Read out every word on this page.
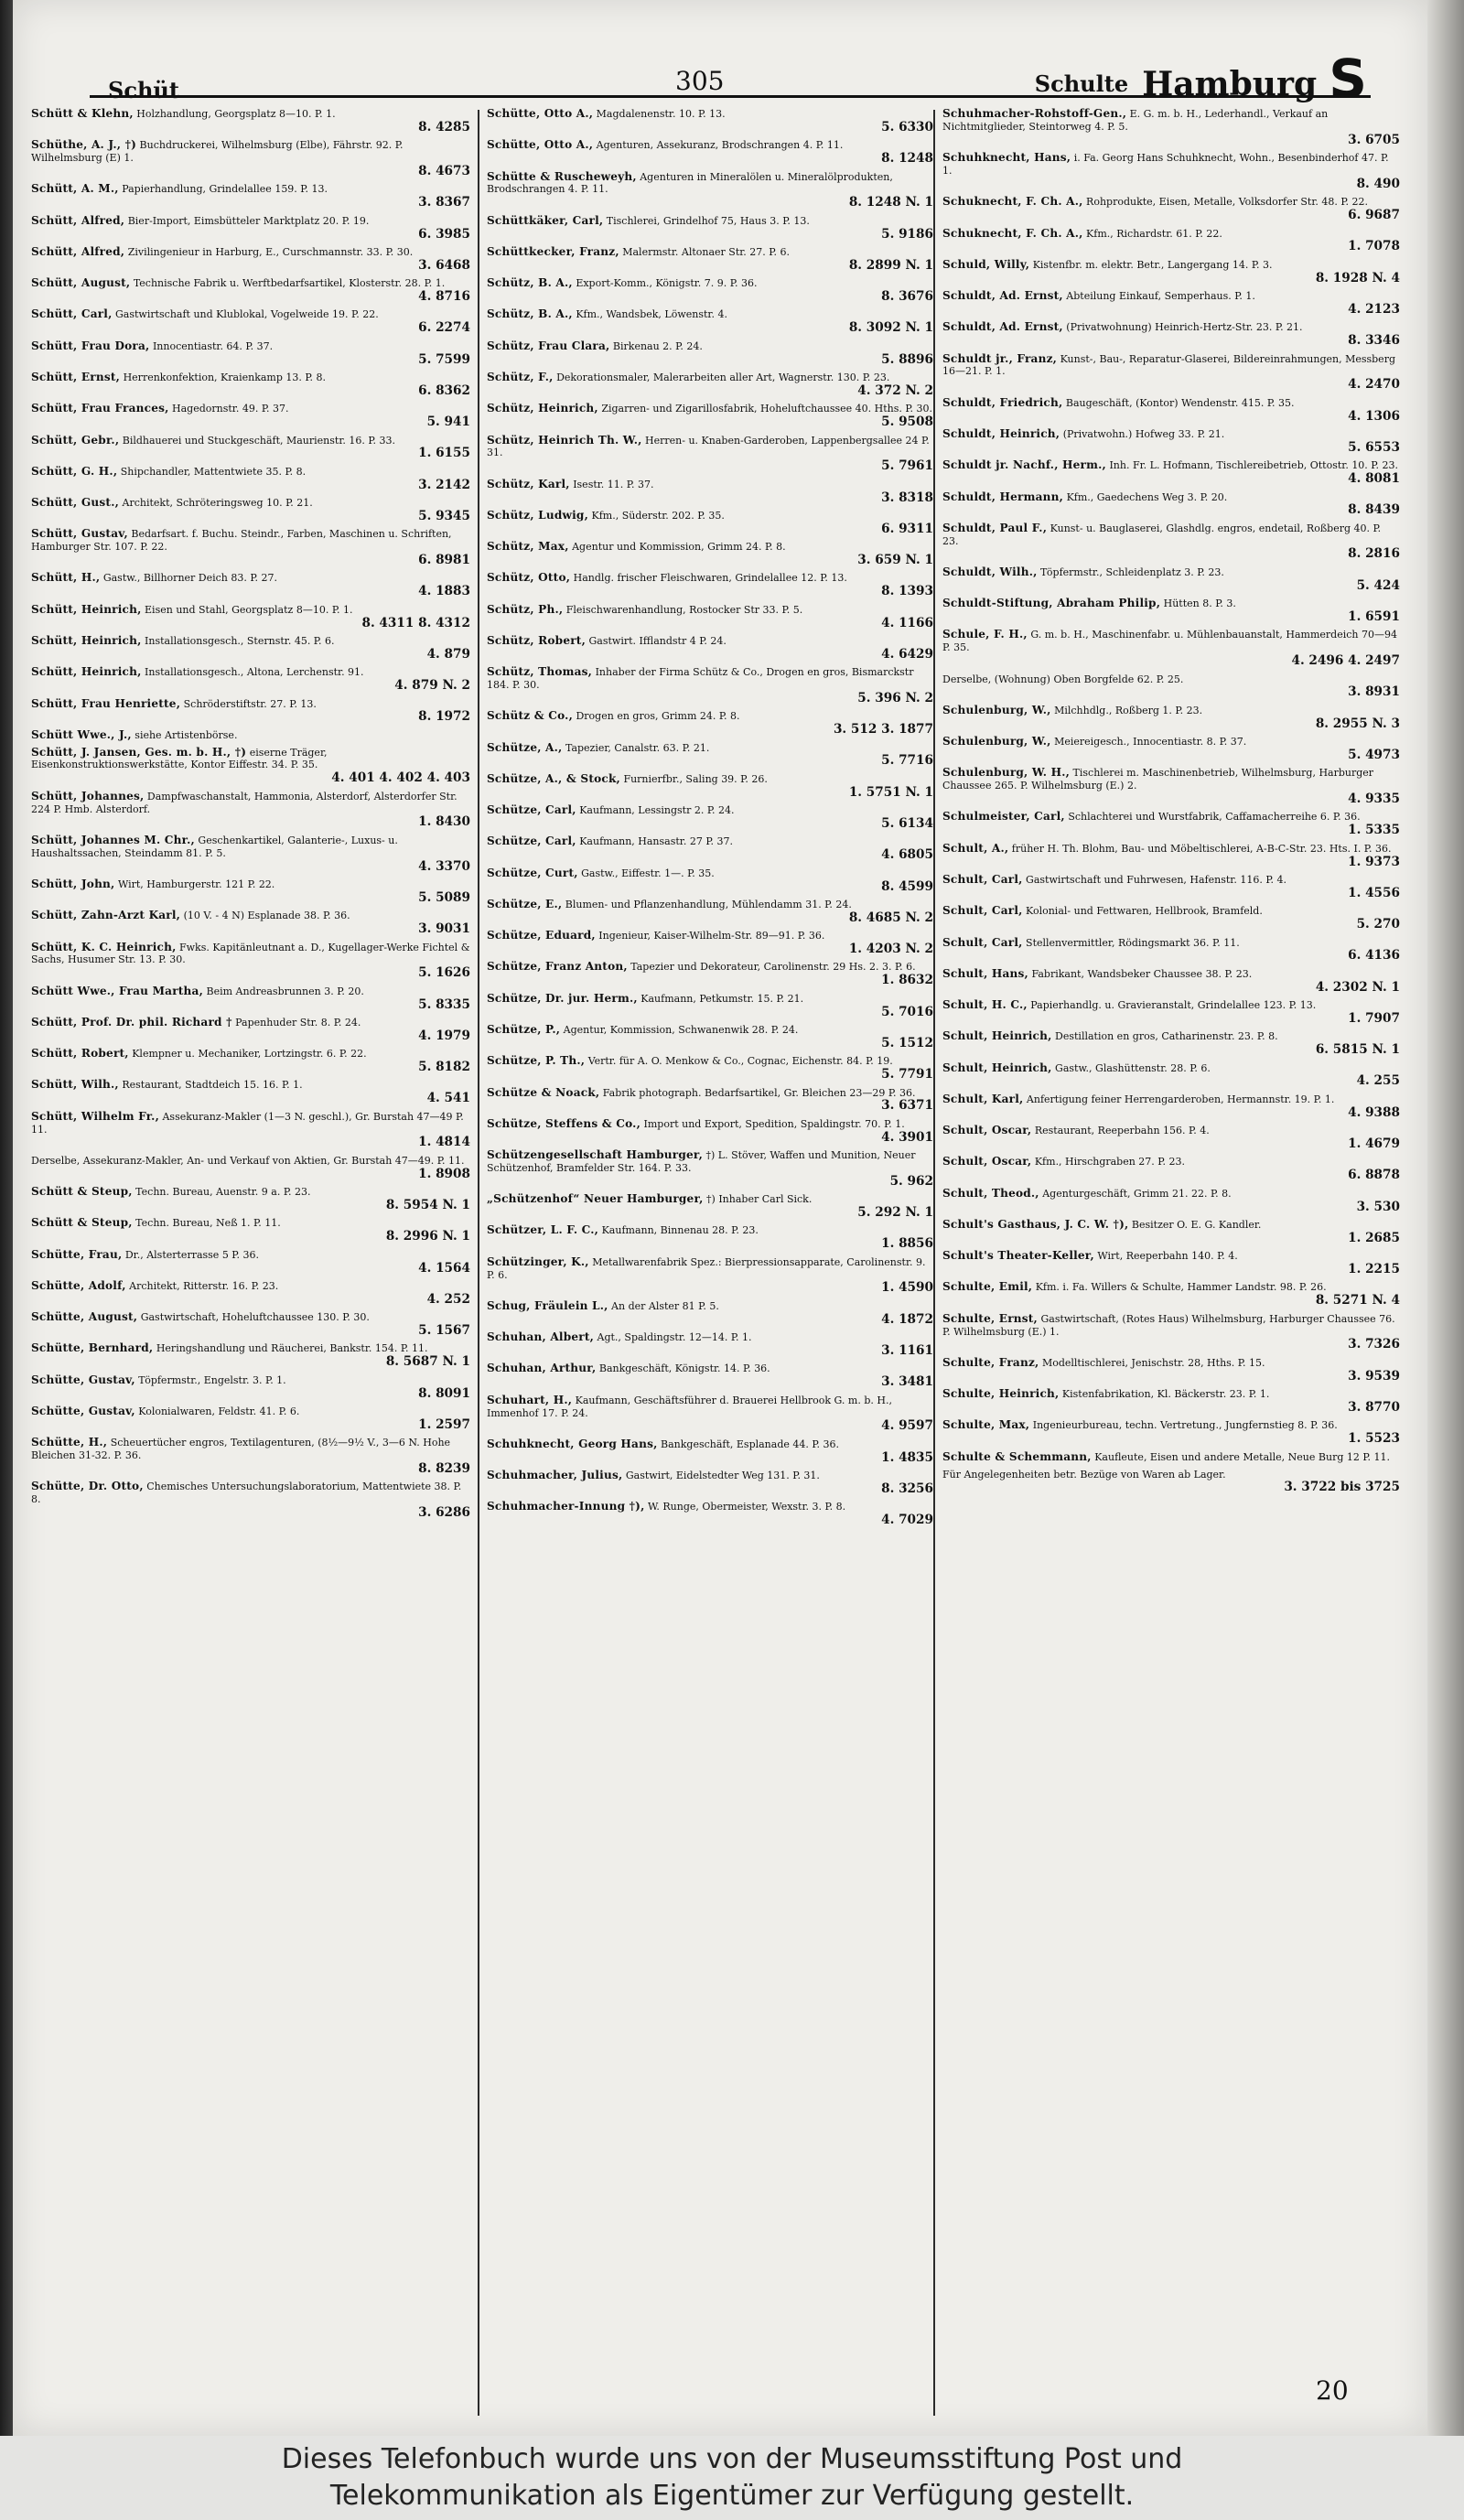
Schüt	305	Schulte Hamburg S
Schütt & Klehn, Holzhandlung, Georgsplatz 8—10. P. 1.
8. 4285
Schüthe, A. J., †) Buchdruckerei, Wilhelmsburg (Elbe), Fährstr. 92. P. Wilhelmsburg (E) 1.
8. 4673
Schütt, A. M., Papierhandlung, Grindelallee 159. P. 13.
3. 8367
Schütt, Alfred, Bier-Import, Eimsbütteler Marktplatz 20. P. 19.
6. 3985
Schütt, Alfred, Zivilingenieur in Harburg, E., Curschmannstr. 33. P. 30.
3. 6468
Schütt, August, Technische Fabrik u. Werftbedarfsartikel, Klosterstr. 28. P. 1.
4. 8716
Schütt, Carl, Gastwirtschaft und Klublokal, Vogelweide 19. P. 22.
6. 2274
Schütt, Frau Dora, Innocentiastr. 64. P. 37.
5. 7599
Schütt, Ernst, Herrenkonfektion, Kraienkamp 13. P. 8.
6. 8362
Schütt, Frau Frances, Hagedornstr. 49. P. 37.
5. 941
Schütt, Gebr., Bildhauerei und Stuckgeschäft, Maurienstr. 16. P. 33.
1. 6155
Schütt, G. H., Shipchandler, Mattentwiete 35. P. 8.
3. 2142
Schütt, Gust., Architekt, Schröteringsweg 10. P. 21.
5. 9345
Schütt, Gustav, Bedarfsart. f. Buchu. Steindr., Farben, Maschinen u. Schriften, Hamburger Str. 107. P. 22.
6. 8981
Schütt, H., Gastw., Billhorner Deich 83. P. 27.
4. 1883
Schütt, Heinrich, Eisen und Stahl, Georgsplatz 8—10. P. 1.
8. 4311 8. 4312
Schütt, Heinrich, Installationsgesch., Sternstr. 45. P. 6.
4. 879
Schütt, Heinrich, Installationsgesch., Altona, Lerchenstr. 91.
4. 879 N. 2
Schütt, Frau Henriette, Schröderstiftstr. 27. P. 13.
8. 1972
Schütt Wwe., J., siehe Artistenbörse.
Schütt, J. Jansen, Ges. m. b. H., †) eiserne Träger, Eisenkonstruktionswerkstätte, Kontor Eiffestr. 34. P. 35.
4. 401 4. 402 4. 403
Schütt, Johannes, Dampfwaschanstalt, Hammonia, Alsterdorf, Alsterdorfer Str. 224 P. Hmb. Alsterdorf.
1. 8430
Schütt, Johannes M. Chr., Geschenkartikel, Galanterie-, Luxus- u. Haushaltssachen, Steindamm 81. P. 5.
4. 3370
Schütt, John, Wirt, Hamburgerstr. 121 P. 22.
5. 5089
Schütt, Zahn-Arzt Karl, (10 V. - 4 N) Esplanade 38. P. 36.
3. 9031
Schütt, K. C. Heinrich, Fwks. Kapitänleutnant a. D., Kugellager-Werke Fichtel & Sachs, Husumer Str. 13. P. 30.
5. 1626
Schütt Wwe., Frau Martha, Beim Andreasbrunnen 3. P. 20.
5. 8335
Schütt, Prof. Dr. phil. Richard † Papenhuder Str. 8. P. 24.
4. 1979
Schütt, Robert, Klempner u. Mechaniker, Lortzingstr. 6. P. 22.
5. 8182
Schütt, Wilh., Restaurant, Stadtdeich 15. 16. P. 1.
4. 541
Schütt, Wilhelm Fr., Assekuranz-Makler (1—3 N. geschl.), Gr. Burstah 47—49 P. 11.
1. 4814
Derselbe, Assekuranz-Makler, An- und Verkauf von Aktien, Gr. Burstah 47—49. P. 11.
1. 8908
Schütt & Steup, Techn. Bureau, Auenstr. 9 a. P. 23.
8. 5954 N. 1
Schütt & Steup, Techn. Bureau, Neß 1. P. 11.
8. 2996 N. 1
Schütte, Frau, Dr., Alsterterrasse 5 P. 36.
4. 1564
Schütte, Adolf, Architekt, Ritterstr. 16. P. 23.
4. 252
Schütte, August, Gastwirtschaft, Hoheluftchaussee 130. P. 30.
5. 1567
Schütte, Bernhard, Heringshandlung und Räucherei, Bankstr. 154. P. 11.
8. 5687 N. 1
Schütte, Gustav, Töpfermstr., Engelstr. 3. P. 1.
8. 8091
Schütte, Gustav, Kolonialwaren, Feldstr. 41. P. 6.
1. 2597
Schütte, H., Scheuertücher engros, Textilagenturen, (8½—9½ V., 3—6 N. Hohe Bleichen 31-32. P. 36.
8. 8239
Schütte, Dr. Otto, Chemisches Untersuchungslaboratorium, Mattentwiete 38. P. 8.
3. 6286
Schütte, Otto A., Magdalenenstr. 10. P. 13.
5. 6330
Schütte, Otto A., Agenturen, Assekuranz, Brodschrangen 4. P. 11.
8. 1248
Schütte & Ruscheweyh, Agenturen in Mineralölen u. Mineralölprodukten, Brodschrangen 4. P. 11.
8. 1248 N. 1
Schüttkäker, Carl, Tischlerei, Grindelhof 75, Haus 3. P. 13.
5. 9186
Schüttkecker, Franz, Malermstr. Altonaer Str. 27. P. 6.
8. 2899 N. 1
Schütz, B. A., Export-Komm., Königstr. 7. 9. P. 36.
8. 3676
Schütz, B. A., Kfm., Wandsbek, Löwenstr. 4.
8. 3092 N. 1
Schütz, Frau Clara, Birkenau 2. P. 24.
5. 8896
Schütz, F., Dekorationsmaler, Malerarbeiten aller Art, Wagnerstr. 130. P. 23.
4. 372 N. 2
Schütz, Heinrich, Zigarren- und Zigarillosfabrik, Hoheluftchaussee 40. Hths. P. 30.
5. 9508
Schütz, Heinrich Th. W., Herren- u. Knaben-Garderoben, Lappenbergsallee 24 P. 31.
5. 7961
Schütz, Karl, Isestr. 11. P. 37.
3. 8318
Schütz, Ludwig, Kfm., Süderstr. 202. P. 35.
6. 9311
Schütz, Max, Agentur und Kommission, Grimm 24. P. 8.
3. 659 N. 1
Schütz, Otto, Handlg. frischer Fleischwaren, Grindelallee 12. P. 13.
8. 1393
Schütz, Ph., Fleischwarenhandlung, Rostocker Str 33. P. 5.
4. 1166
Schütz, Robert, Gastwirt. Ifflandstr 4 P. 24.
4. 6429
Schütz, Thomas, Inhaber der Firma Schütz & Co., Drogen en gros, Bismarckstr 184. P. 30.
5. 396 N. 2
Schütz & Co., Drogen en gros, Grimm 24. P. 8.
3. 512 3. 1877
Schütze, A., Tapezier, Canalstr. 63. P. 21.
5. 7716
Schütze, A., & Stock, Furnierfbr., Saling 39. P. 26.
1. 5751 N. 1
Schütze, Carl, Kaufmann, Lessingstr 2. P. 24.
5. 6134
Schütze, Carl, Kaufmann, Hansastr. 27 P. 37.
4. 6805
Schütze, Curt, Gastw., Eiffestr. 1—. P. 35.
8. 4599
Schütze, E., Blumen- und Pflanzenhandlung, Mühlendamm 31. P. 24.
8. 4685 N. 2
Schütze, Eduard, Ingenieur, Kaiser-Wilhelm-Str. 89—91. P. 36.
1. 4203 N. 2
Schütze, Franz Anton, Tapezier und Dekorateur, Carolinenstr. 29 Hs. 2. 3. P. 6.
1. 8632
Schütze, Dr. jur. Herm., Kaufmann, Petkumstr. 15. P. 21.
5. 7016
Schütze, P., Agentur, Kommission, Schwanenwik 28. P. 24.
5. 1512
Schütze, P. Th., Vertr. für A. O. Menkow & Co., Cognac, Eichenstr. 84. P. 19.
5. 7791
Schütze & Noack, Fabrik photograph. Bedarfsartikel, Gr. Bleichen 23—29 P. 36.
3. 6371
Schütze, Steffens & Co., Import und Export, Spedition, Spaldingstr. 70. P. 1.
4. 3901
Schützengesellschaft Hamburger, †) L. Stöver, Waffen und Munition, Neuer Schützenhof, Bramfelder Str. 164. P. 33.
5. 962
„Schützenhof“ Neuer Hamburger, †) Inhaber Carl Sick.
5. 292 N. 1
Schützer, L. F. C., Kaufmann, Binnenau 28. P. 23.
1. 8856
Schützinger, K., Metallwarenfabrik Spez.: Bierpressionsapparate, Carolinenstr. 9. P. 6.
1. 4590
Schug, Fräulein L., An der Alster 81 P. 5.
4. 1872
Schuhan, Albert, Agt., Spaldingstr. 12—14. P. 1.
3. 1161
Schuhan, Arthur, Bankgeschäft, Königstr. 14. P. 36.
3. 3481
Schuhart, H., Kaufmann, Geschäftsführer d. Brauerei Hellbrook G. m. b. H., Immenhof 17. P. 24.
4. 9597
Schuhknecht, Georg Hans, Bankgeschäft, Esplanade 44. P. 36.
1. 4835
Schuhmacher, Julius, Gastwirt, Eidelstedter Weg 131. P. 31.
8. 3256
Schuhmacher-Innung †), W. Runge, Obermeister, Wexstr. 3. P. 8.
4. 7029
Schuhmacher-Rohstoff-Gen., E. G. m. b. H., Lederhandl., Verkauf an Nichtmitglieder, Steintorweg 4. P. 5.
3. 6705
Schuhknecht, Hans, i. Fa. Georg Hans Schuhknecht, Wohn., Besenbinderhof 47. P. 1.
8. 490
Schuknecht, F. Ch. A., Rohprodukte, Eisen, Metalle, Volksdorfer Str. 48. P. 22.
6. 9687
Schuknecht, F. Ch. A., Kfm., Richardstr. 61. P. 22.
1. 7078
Schuld, Willy, Kistenfbr. m. elektr. Betr., Langergang 14. P. 3.
8. 1928 N. 4
Schuldt, Ad. Ernst, Abteilung Einkauf, Semperhaus. P. 1.
4. 2123
Schuldt, Ad. Ernst, (Privatwohnung) Heinrich-Hertz-Str. 23. P. 21.
8. 3346
Schuldt jr., Franz, Kunst-, Bau-, Reparatur-Glaserei, Bildereinrahmungen, Messberg 16—21. P. 1.
4. 2470
Schuldt, Friedrich, Baugeschäft, (Kontor) Wendenstr. 415. P. 35.
4. 1306
Schuldt, Heinrich, (Privatwohn.) Hofweg 33. P. 21.
5. 6553
Schuldt jr. Nachf., Herm., Inh. Fr. L. Hofmann, Tischlereibetrieb, Ottostr. 10. P. 23.
4. 8081
Schuldt, Hermann, Kfm., Gaedechens Weg 3. P. 20.
8. 8439
Schuldt, Paul F., Kunst- u. Bauglaserei, Glashdlg. engros, endetail, Roßberg 40. P. 23.
8. 2816
Schuldt, Wilh., Töpfermstr., Schleidenplatz 3. P. 23.
5. 424
Schuldt-Stiftung, Abraham Philip, Hütten 8. P. 3.
1. 6591
Schule, F. H., G. m. b. H., Maschinenfabr. u. Mühlenbauanstalt, Hammerdeich 70—94 P. 35.
4. 2496 4. 2497
Derselbe, (Wohnung) Oben Borgfelde 62. P. 25.
3. 8931
Schulenburg, W., Milchhdlg., Roßberg 1. P. 23.
8. 2955 N. 3
Schulenburg, W., Meiereigesch., Innocentiastr. 8. P. 37.
5. 4973
Schulenburg, W. H., Tischlerei m. Maschinenbetrieb, Wilhelmsburg, Harburger Chaussee 265. P. Wilhelmsburg (E.) 2.
4. 9335
Schulmeister, Carl, Schlachterei und Wurstfabrik, Caffamacherreihe 6. P. 36.
1. 5335
Schult, A., früher H. Th. Blohm, Bau- und Möbeltischlerei, A-B-C-Str. 23. Hts. I. P. 36.
1. 9373
Schult, Carl, Gastwirtschaft und Fuhrwesen, Hafenstr. 116. P. 4.
1. 4556
Schult, Carl, Kolonial- und Fettwaren, Hellbrook, Bramfeld.
5. 270
Schult, Carl, Stellenvermittler, Rödingsmarkt 36. P. 11.
6. 4136
Schult, Hans, Fabrikant, Wandsbeker Chaussee 38. P. 23.
4. 2302 N. 1
Schult, H. C., Papierhandlg. u. Gravieranstalt, Grindelallee 123. P. 13.
1. 7907
Schult, Heinrich, Destillation en gros, Catharinenstr. 23. P. 8.
6. 5815 N. 1
Schult, Heinrich, Gastw., Glashüttenstr. 28. P. 6.
4. 255
Schult, Karl, Anfertigung feiner Herrengarderoben, Hermannstr. 19. P. 1.
4. 9388
Schult, Oscar, Restaurant, Reeperbahn 156. P. 4.
1. 4679
Schult, Oscar, Kfm., Hirschgraben 27. P. 23.
6. 8878
Schult, Theod., Agenturgeschäft, Grimm 21. 22. P. 8.
3. 530
Schult's Gasthaus, J. C. W. †), Besitzer O. E. G. Kandler.
1. 2685
Schult's Theater-Keller, Wirt, Reeperbahn 140. P. 4.
1. 2215
Schulte, Emil, Kfm. i. Fa. Willers & Schulte, Hammer Landstr. 98. P. 26.
8. 5271 N. 4
Schulte, Ernst, Gastwirtschaft, (Rotes Haus) Wilhelmsburg, Harburger Chaussee 76. P. Wilhelmsburg (E.) 1.
3. 7326
Schulte, Franz, Modelltischlerei, Jenischstr. 28, Hths. P. 15.
3. 9539
Schulte, Heinrich, Kistenfabrikation, Kl. Bäckerstr. 23. P. 1.
3. 8770
Schulte, Max, Ingenieurbureau, techn. Vertretung., Jungfernstieg 8. P. 36.
1. 5523
Schulte & Schemmann, Kaufleute, Eisen und andere Metalle, Neue Burg 12 P. 11.
Für Angelegenheiten betr. Bezüge von Waren ab Lager.
3. 3722 bis 3725
20
Dieses Telefonbuch wurde uns von der Museumsstiftung Post und
Telekommunikation als Eigentümer zur Verfügung gestellt.
